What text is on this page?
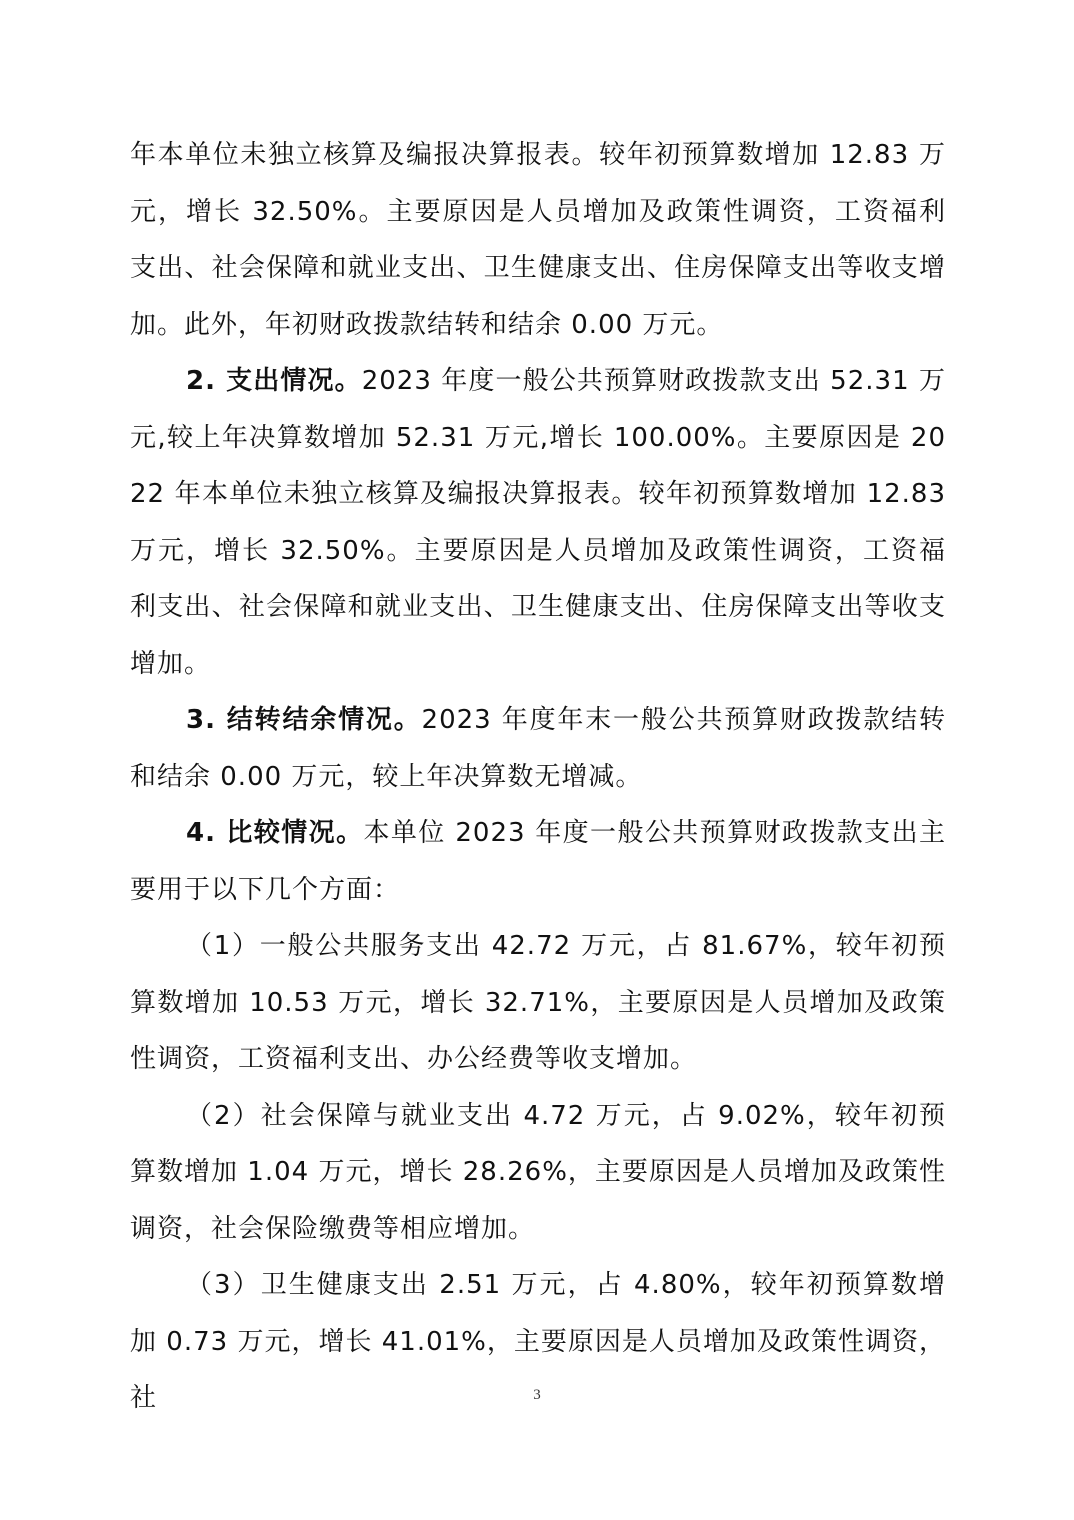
年本单位未独立核算及编报决算报表。较年初预算数增加 12.83 万元，增长 32.50%。主要原因是人员增加及政策性调资，工资福利支出、社会保障和就业支出、卫生健康支出、住房保障支出等收支增加。此外，年初财政拨款结转和结余 0.00 万元。

2. 支出情况。2023 年度一般公共预算财政拨款支出 52.31 万元,较上年决算数增加 52.31 万元,增长 100.00%。主要原因是 2022 年本单位未独立核算及编报决算报表。较年初预算数增加 12.83 万元，增长 32.50%。主要原因是人员增加及政策性调资，工资福利支出、社会保障和就业支出、卫生健康支出、住房保障支出等收支增加。

3. 结转结余情况。2023 年度年末一般公共预算财政拨款结转和结余 0.00 万元，较上年决算数无增减。

4. 比较情况。本单位 2023 年度一般公共预算财政拨款支出主要用于以下几个方面：

（1）一般公共服务支出 42.72 万元，占 81.67%，较年初预算数增加 10.53 万元，增长 32.71%，主要原因是人员增加及政策性调资，工资福利支出、办公经费等收支增加。

（2）社会保障与就业支出 4.72 万元，占 9.02%，较年初预算数增加 1.04 万元，增长 28.26%，主要原因是人员增加及政策性调资，社会保险缴费等相应增加。

（3）卫生健康支出 2.51 万元，占 4.80%，较年初预算数增加 0.73 万元，增长 41.01%，主要原因是人员增加及政策性调资，社	3
